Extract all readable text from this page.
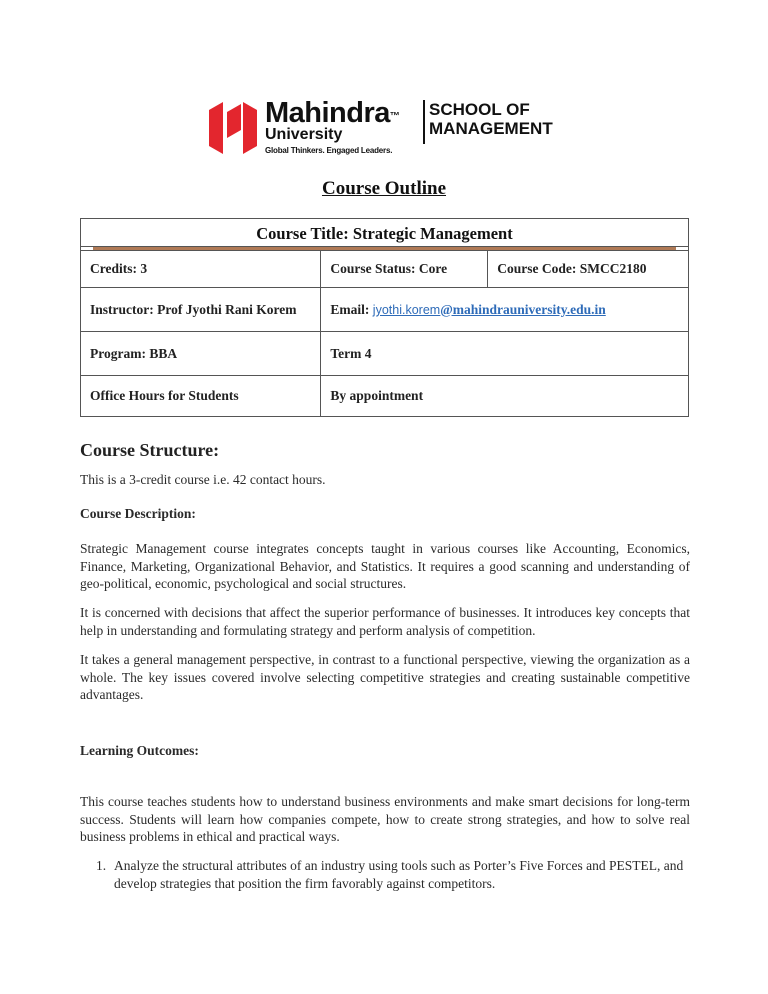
Mahindra™
University
Global Thinkers. Engaged Leaders.
SCHOOL OF
MANAGEMENT
Course Outline
Course Title: Strategic Management		

Credits: 3	Course Status: Core	Course Code: SMCC2180
Instructor: Prof Jyothi Rani Korem	Email: jyothi.korem@mahindrauniversity.edu.in	
Program: BBA	Term 4	
Office Hours for Students	By appointment	
Course Structure:
This is a 3-credit course i.e. 42 contact hours.
Course Description:
Strategic Management course integrates concepts taught in various courses like Accounting, Economics, Finance, Marketing, Organizational Behavior, and Statistics. It requires a good scanning and understanding of geo-political, economic, psychological and social structures.
It is concerned with decisions that affect the superior performance of businesses. It introduces key concepts that help in understanding and formulating strategy and perform analysis of competition.
It takes a general management perspective, in contrast to a functional perspective, viewing the organization as a whole. The key issues covered involve selecting competitive strategies and creating sustainable competitive advantages.
Learning Outcomes:
This course teaches students how to understand business environments and make smart decisions for long-term success. Students will learn how companies compete, how to create strong strategies, and how to solve real business problems in ethical and practical ways.
1. Analyze the structural attributes of an industry using tools such as Porter’s Five Forces and PESTEL, and develop strategies that position the firm favorably against competitors.
